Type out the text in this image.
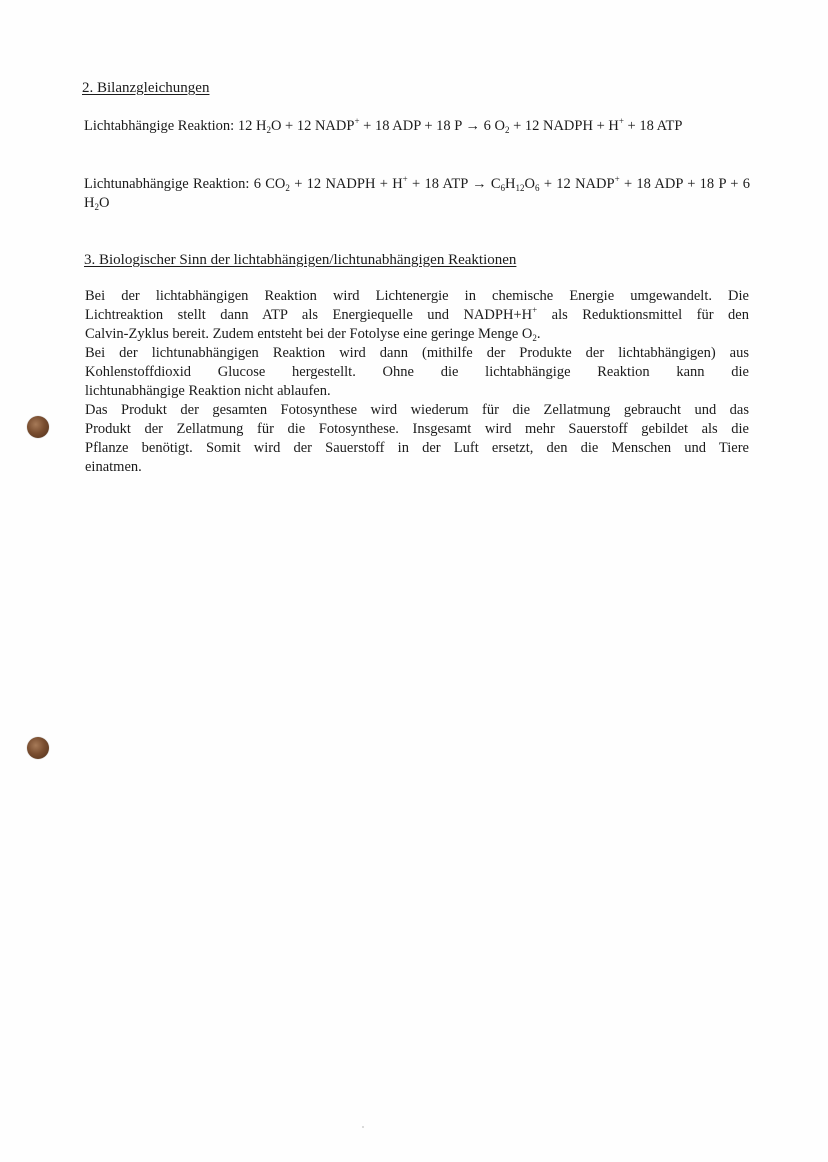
2. Bilanzgleichungen
Lichtabhängige Reaktion: 12 $H_2O + 12$ NADP+ + 18 ADP + 18 P → 6 $O_2 + 12$ NADPH + H+ + 18 ATP
Lichtunabhängige Reaktion: 6 $CO_2 + 12$ NADPH + H+ + 18 ATP → $C_6H_{12}O_6 + 12$ NADP+ + 18 ADP + 18 P + 6 $H_2O$
3. Biologischer Sinn der lichtabhängigen/lichtunabhängigen Reaktionen
Bei der lichtabhängigen Reaktion wird Lichtenergie in chemische Energie umgewandelt. Die
Lichtreaktion stellt dann ATP als Energiequelle und NADPH+H+ als Reduktionsmittel für den
Calvin-Zyklus bereit. Zudem entsteht bei der Fotolyse eine geringe Menge $O_2$.
Bei der lichtunabhängigen Reaktion wird dann (mithilfe der Produkte der lichtabhängigen) aus
Kohlenstoffdioxid Glucose hergestellt. Ohne die lichtabhängige Reaktion kann die
lichtunabhängige Reaktion nicht ablaufen.
Das Produkt der gesamten Fotosynthese wird wiederum für die Zellatmung gebraucht und das
Produkt der Zellatmung für die Fotosynthese. Insgesamt wird mehr Sauerstoff gebildet als die
Pflanze benötigt. Somit wird der Sauerstoff in der Luft ersetzt, den die Menschen und Tiere
einatmen.
